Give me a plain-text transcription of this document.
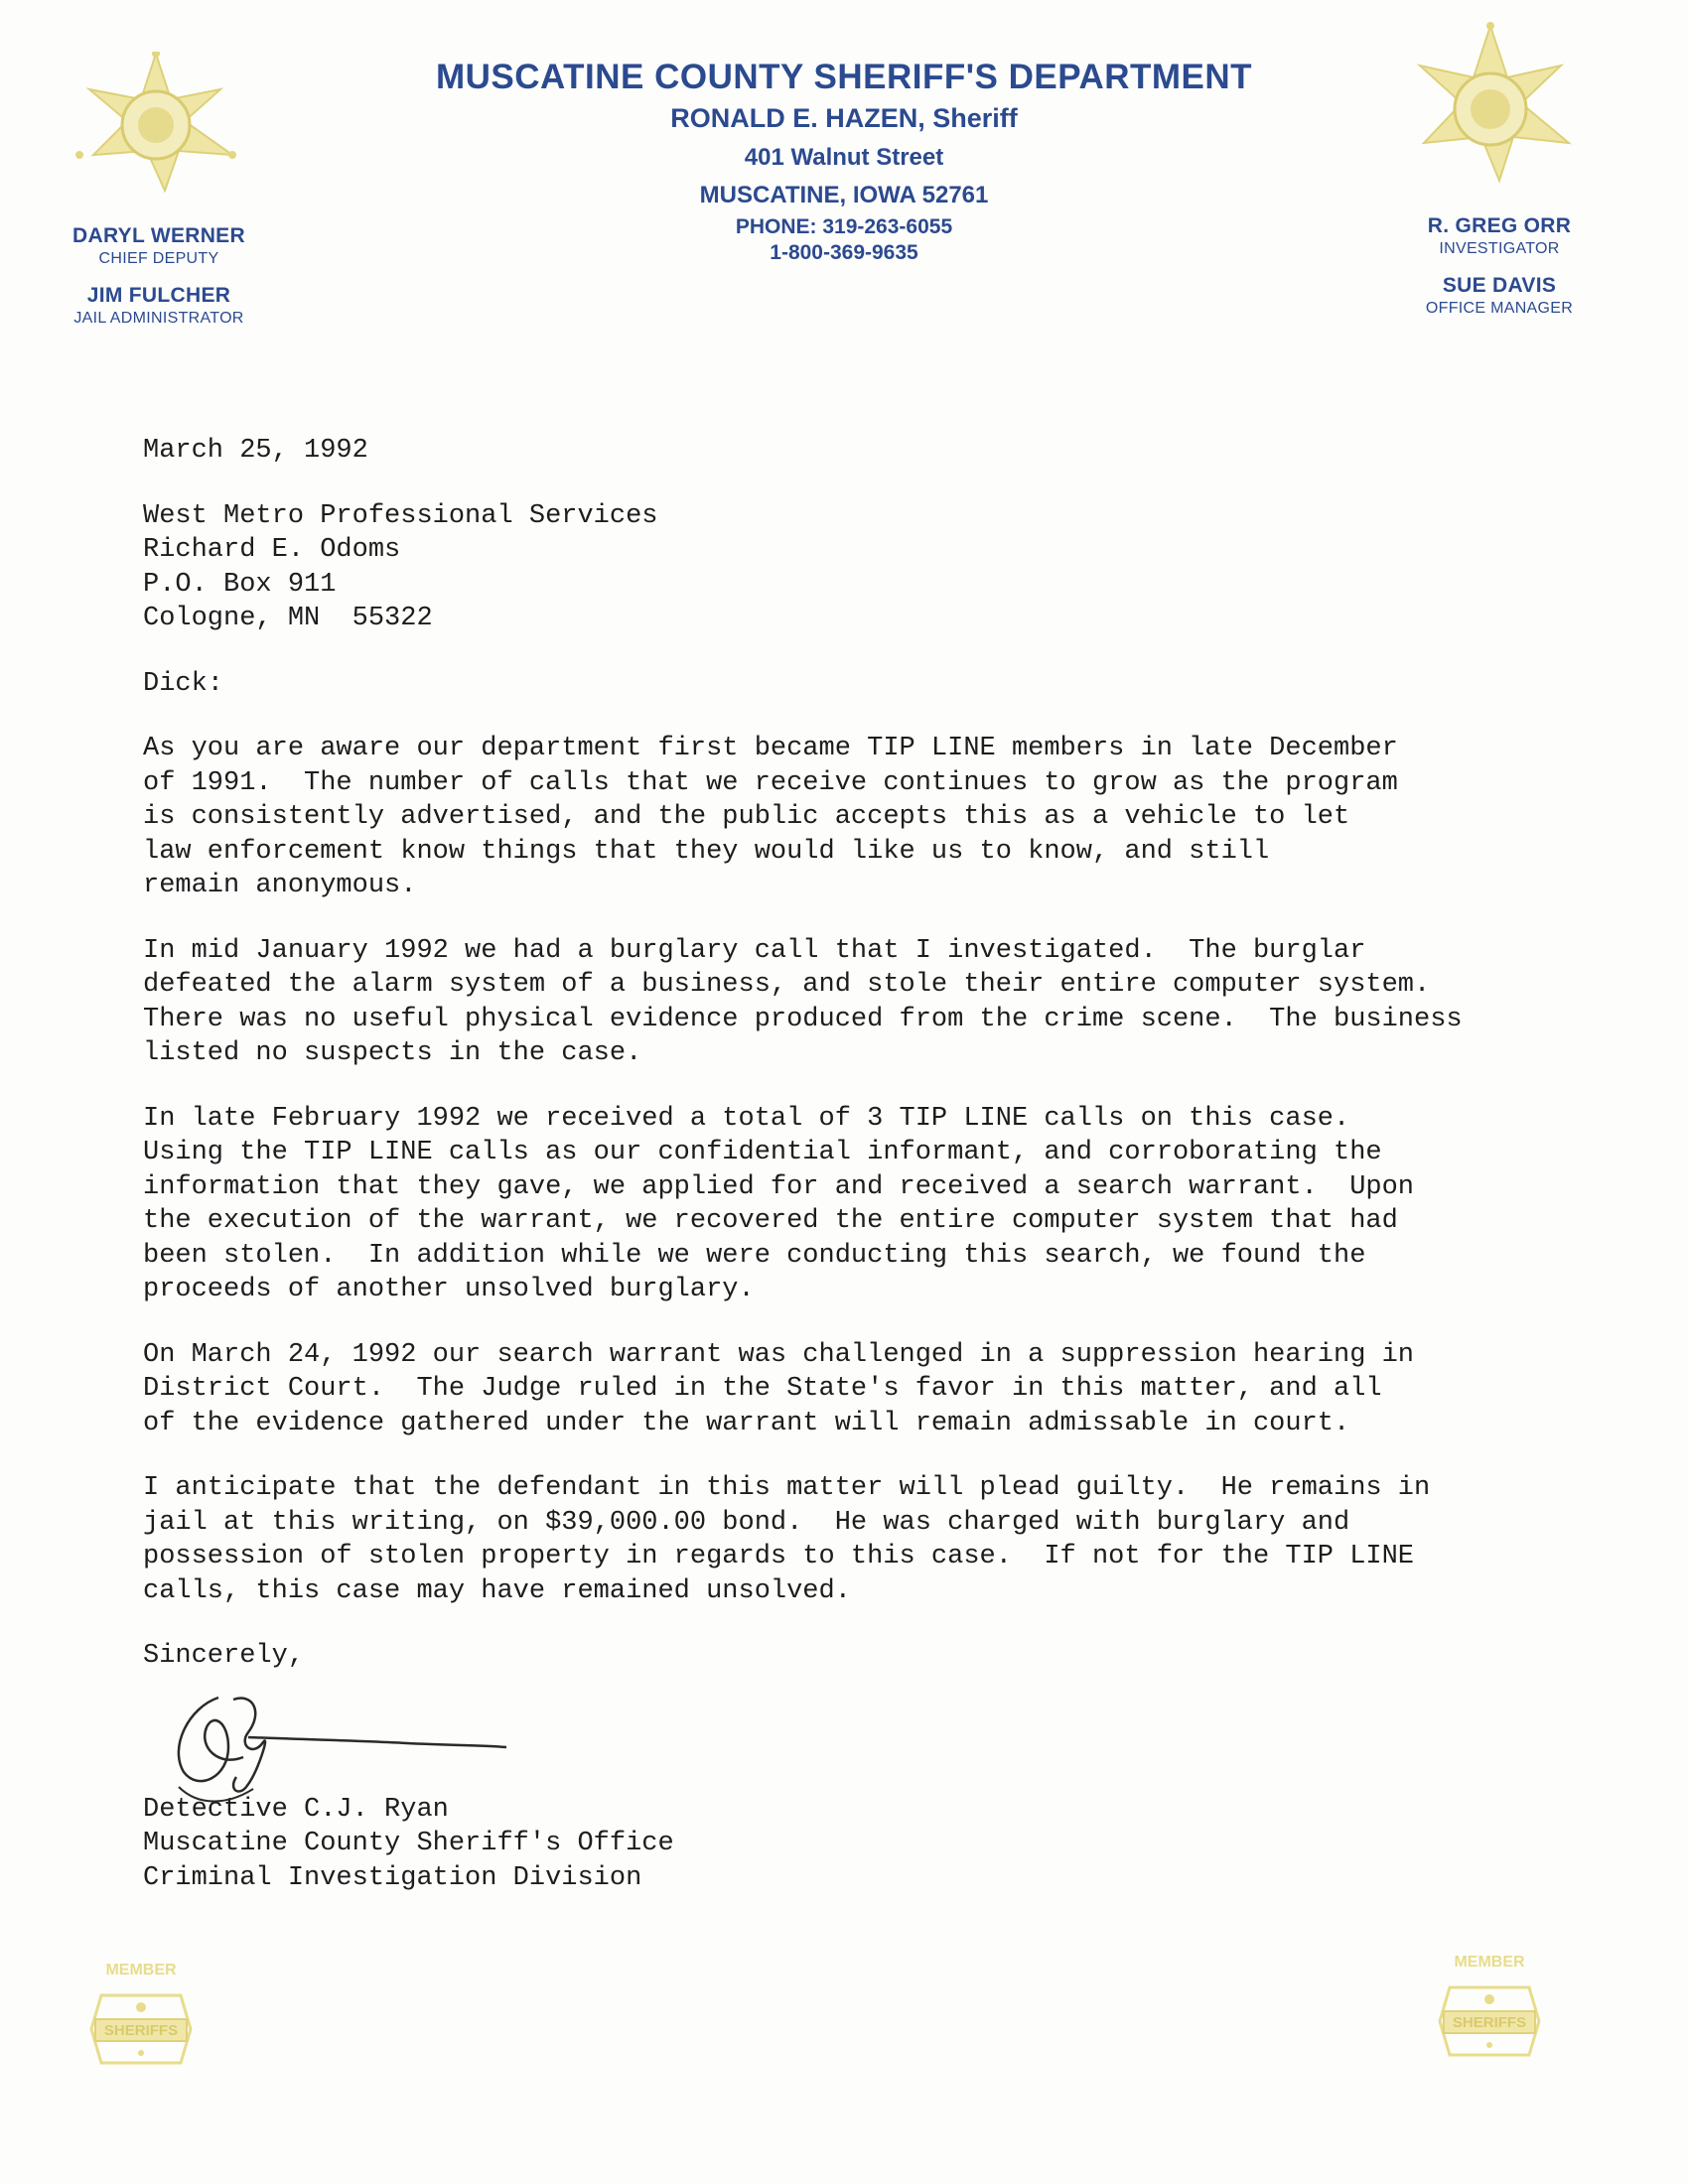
MUSCATINE COUNTY SHERIFF'S DEPARTMENT
RONALD E. HAZEN, Sheriff
401 Walnut Street
MUSCATINE, IOWA 52761
PHONE: 319-263-6055
1-800-369-9635
DARYL WERNER
CHIEF DEPUTY
JIM FULCHER
JAIL ADMINISTRATOR
R. GREG ORR
INVESTIGATOR
SUE DAVIS
OFFICE MANAGER
March 25, 1992
West Metro Professional Services
Richard E. Odoms
P.O. Box 911
Cologne, MN  55322
Dick:
As you are aware our department first became TIP LINE members in late December
of 1991.  The number of calls that we receive continues to grow as the program
is consistently advertised, and the public accepts this as a vehicle to let
law enforcement know things that they would like us to know, and still
remain anonymous.
In mid January 1992 we had a burglary call that I investigated.  The burglar
defeated the alarm system of a business, and stole their entire computer system.
There was no useful physical evidence produced from the crime scene.  The business
listed no suspects in the case.
In late February 1992 we received a total of 3 TIP LINE calls on this case.
Using the TIP LINE calls as our confidential informant, and corroborating the
information that they gave, we applied for and received a search warrant.  Upon
the execution of the warrant, we recovered the entire computer system that had
been stolen.  In addition while we were conducting this search, we found the
proceeds of another unsolved burglary.
On March 24, 1992 our search warrant was challenged in a suppression hearing in
District Court.  The Judge ruled in the State's favor in this matter, and all
of the evidence gathered under the warrant will remain admissable in court.
I anticipate that the defendant in this matter will plead guilty.  He remains in
jail at this writing, on $39,000.00 bond.  He was charged with burglary and
possession of stolen property in regards to this case.  If not for the TIP LINE
calls, this case may have remained unsolved.
Sincerely,
Detective C.J. Ryan
Muscatine County Sheriff's Office
Criminal Investigation Division
MEMBER
SHERIFFS
MEMBER
SHERIFFS
